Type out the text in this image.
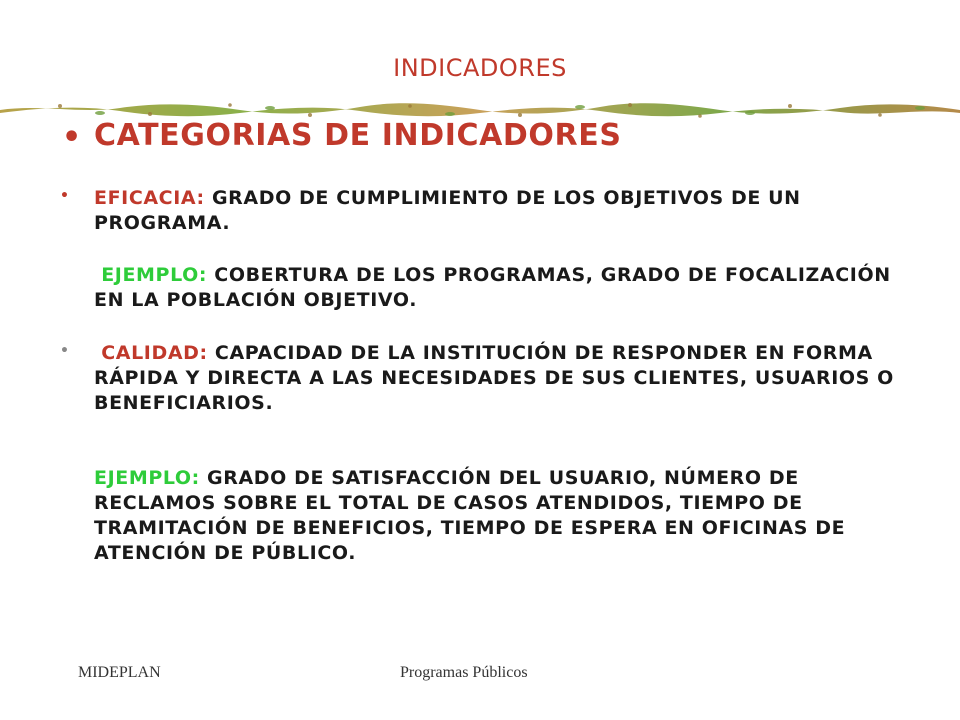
INDICADORES
• CATEGORIAS DE INDICADORES
• EFICACIA: GRADO DE CUMPLIMIENTO DE LOS OBJETIVOS DE UN PROGRAMA.
EJEMPLO: COBERTURA DE LOS PROGRAMAS, GRADO DE FOCALIZACIÓN EN LA POBLACIÓN OBJETIVO.
•	CALIDAD: CAPACIDAD DE LA INSTITUCIÓN DE RESPONDER EN FORMA RÁPIDA Y DIRECTA A LAS NECESIDADES DE SUS CLIENTES, USUARIOS O BENEFICIARIOS.
EJEMPLO: GRADO DE SATISFACCIÓN DEL USUARIO, NÚMERO DE RECLAMOS SOBRE EL TOTAL DE CASOS ATENDIDOS, TIEMPO DE TRAMITACIÓN DE BENEFICIOS, TIEMPO DE ESPERA EN OFICINAS DE ATENCIÓN DE PÚBLICO.
MIDEPLAN	Programas Públicos
